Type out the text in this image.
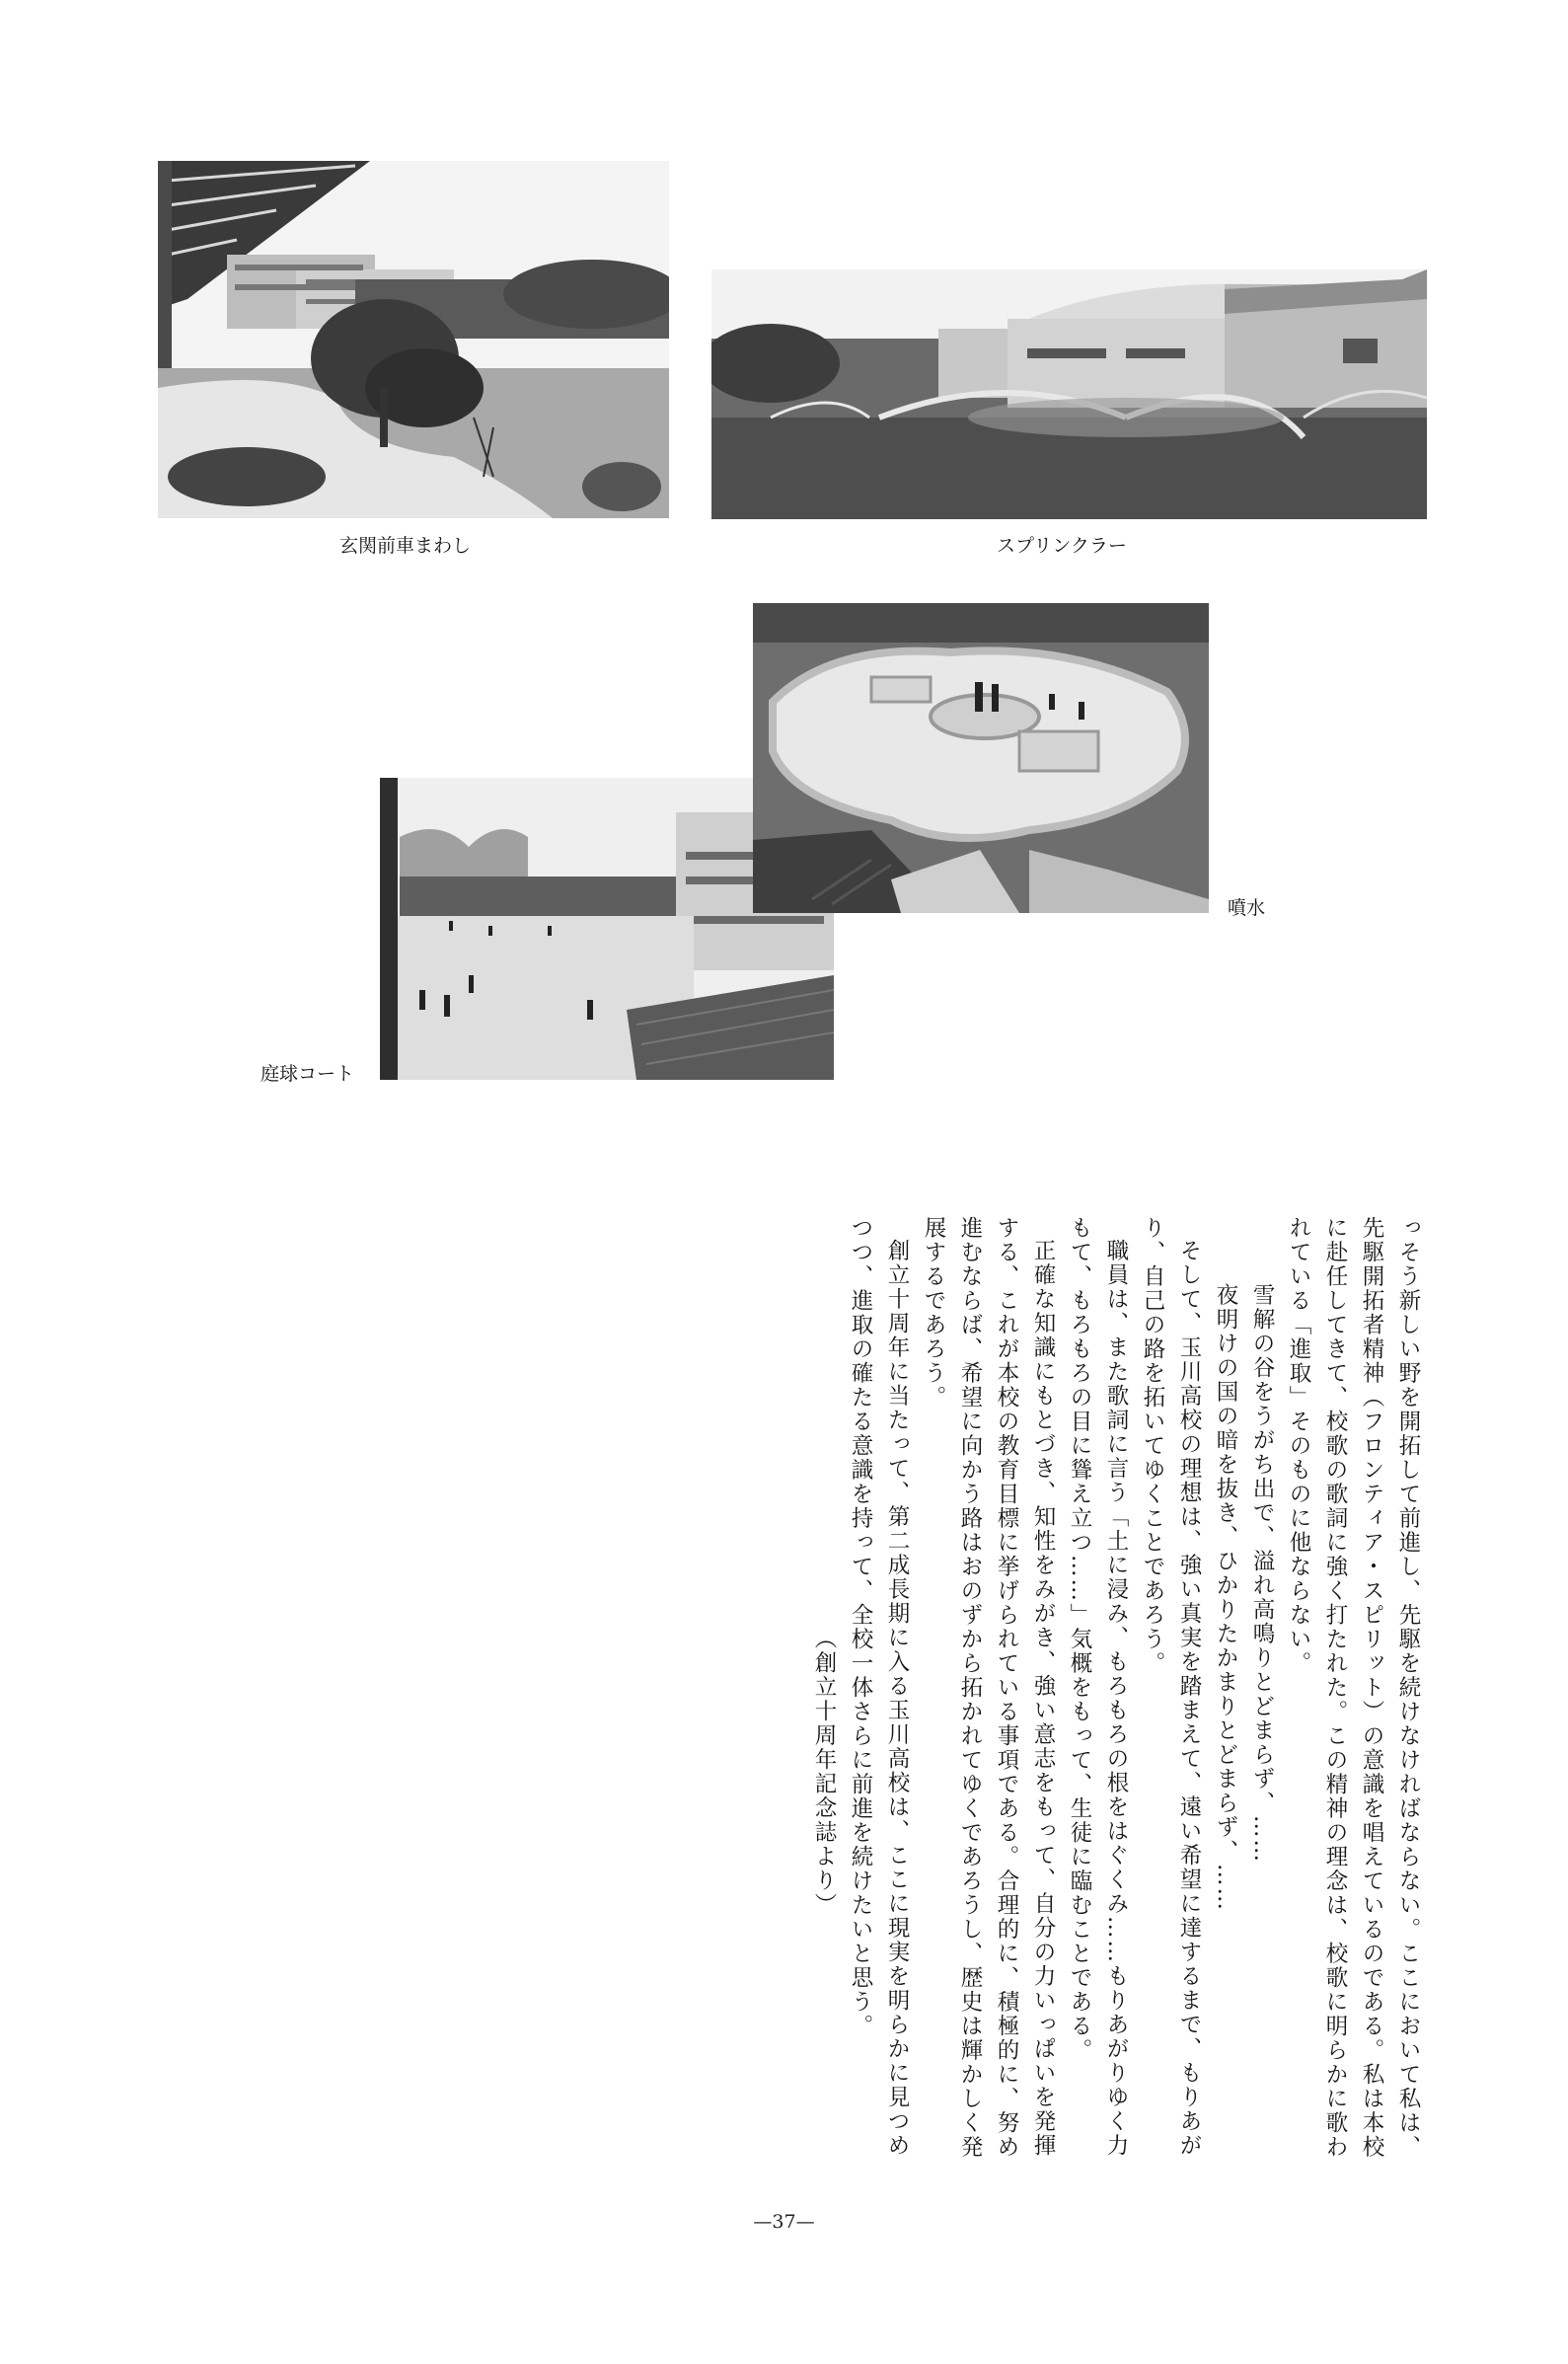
玄関前車まわし	スプリンクラー
庭球コート
噴水

っそう新しい野を開拓して前進し、先駆を続けなければならない。ここにおいて私は、先駆開拓者精神（フロンティア・スピリット）の意識を唱えているのである。私は本校に赴任してきて、校歌の歌詞に強く打たれた。この精神の理念は、校歌に明らかに歌われている「進取」そのものに他ならない。

雪解の谷をうがち出で、溢れ高鳴りとどまらず、……

夜明けの国の暗を抜き、ひかりたかまりとどまらず、……

そして、玉川高校の理想は、強い真実を踏まえて、遠い希望に達するまで、もりあがり、自己の路を拓いてゆくことであろう。

職員は、また歌詞に言う「土に浸み、もろもろの根をはぐくみ……もりあがりゆく力もて、もろもろの目に聳え立つ……」気概をもって、生徒に臨むことである。

正確な知識にもとづき、知性をみがき、強い意志をもって、自分の力いっぱいを発揮する、これが本校の教育目標に挙げられている事項である。合理的に、積極的に、努め進むならば、希望に向かう路はおのずから拓かれてゆくであろうし、歴史は輝かしく発展するであろう。

創立十周年に当たって、第二成長期に入る玉川高校は、ここに現実を明らかに見つめつつ、進取の確たる意識を持って、全校一体さらに前進を続けたいと思う。

（創立十周年記念誌より）

—37—
